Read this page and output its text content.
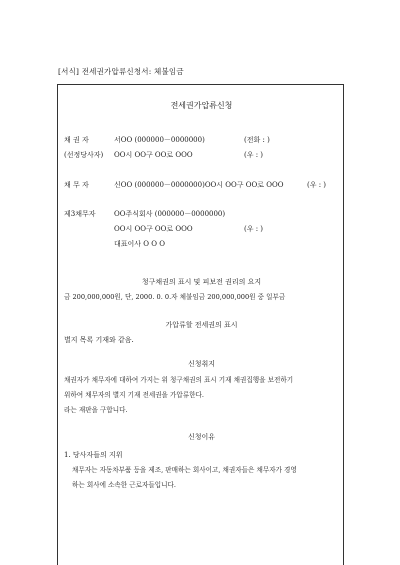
[서식] 전세권가압류신청서: 체불임금
전세권가압류신청
채 권 자	서OO (000000－0000000)	(전화 : )
(선정당사자) OO시 OO구 OO로 OOO	(우 : )
채 무 자	신OO (000000－0000000)OO시 OO구 OO로 OOO	(우 : )
제3채무자	OO주식회사 (000000－0000000)
OO시 OO구 OO로 OOO	(우 : )
대표이사 O O O
청구채권의 표시 및 피보전 권리의 요지
금 200,000,000원, 단, 2000. 0. 0.자 체불임금 200,000,000원 중 일부금
가압류할 전세권의 표시
별지 목록 기재와 같음.
신청취지
채권자가 채무자에 대하여 가지는 위 청구채권의 표시 기재 채권집행을 보전하기
위하여 채무자의 별지 기재 전세권을 가압류한다.
라는 재판을 구합니다.
신청이유
1. 당사자들의 지위
채무자는 자동차부품 등을 제조, 판매하는 회사이고, 채권자들은 채무자가 경영
하는 회사에 소속한 근로자들입니다.
